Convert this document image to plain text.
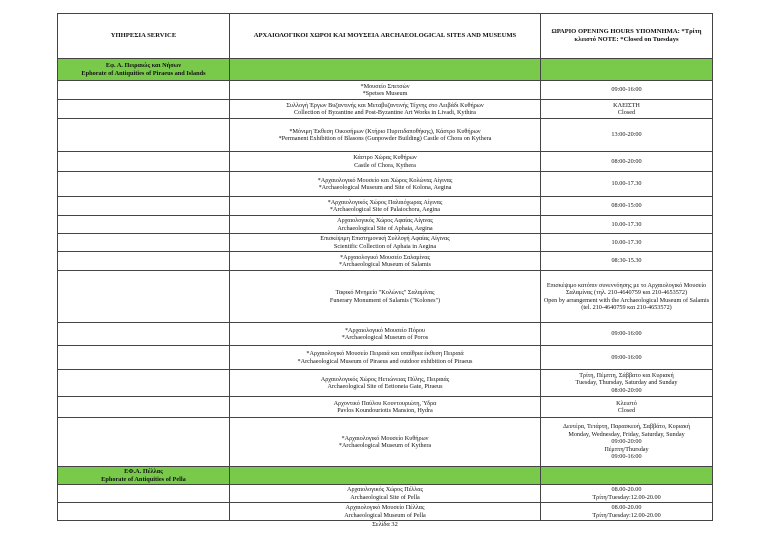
ΥΠΗΡΕΣΙΑ SERVICE	ΑΡΧΑΙΟΛΟΓΙΚΟΙ ΧΩΡΟΙ ΚΑΙ ΜΟΥΣΕΙΑ ARCHAEOLOGICAL SITES AND MUSEUMS	ΩΡΑΡΙΟ OPENING HOURS ΥΠΟΜΝΗΜΑ: *Τρίτη κλειστό NOTE: *Closed on Tuesdays
Εφ. Α. Πειραιώς και Νήσων
Ephorate of Antiquities of Piraeus and Islands		
	*Μουσείο Σπετσών
*Spetses Museum	09:00-16:00
	Συλλογή Έργων Βυζαντινής και Μεταβυζαντινής Τέχνης στο Λειβάδι Κυθήρων
Collection of Byzantine and Post-Byzantine Art Works in Livadi, Kythira	ΚΛΕΙΣΤΗ
Closed
	*Μόνιμη Έκθεση Οικοσήμων (Κτήριο Πυριτιδαποθήκης), Κάστρο Κυθήρων
*Permanent Exhibition of Blasons (Gunpowder Building) Castle of Chora on Kythera	13:00-20:00
	Κάστρο Χώρας Κυθήρων
Castle of Chora, Kythera	08:00-20:00
	*Αρχαιολογικό Μουσείο και Χώρος Κολώνας Αίγινας
*Archaeological Museum and Site of Kolona, Aegina	10.00-17.30
	*Αρχαιολογικός Χώρος Παλαιόχωρας Αίγινας
*Archaeological Site of Palaiochora, Aegina	08:00-15:00
	Αρχαιολογικός Χώρος Αφαίας Αίγινας
Archaeological Site of Aphaia, Aegina	10.00-17.30
	Επισκέψιμη Επιστημονική Συλλογή Αφαίας Αίγινας
Scientific Collection of Aphaia in Aegina	10.00-17.30
	*Αρχαιολογικό Μουσείο Σαλαμίνας
*Archaeological Museum of Salamis	08:30-15.30
	Ταφικό Μνημείο "Κολώνες" Σαλαμίνας
Funerary Monument of Salamis ("Kolones")	Επισκέψιμο κατόπιν συνεννόησης με το Αρχαιολογικό Μουσείο Σαλαμίνας (τηλ. 210-4640759 και 210-4653572)
Open by arrangement with the Archaeological Museum of Salamis (tel. 210-4640759 και 210-4653572)
	*Αρχαιολογικό Μουσείο Πόρου
*Archaeological Museum of Poros	09:00-16:00
	*Αρχαιολογικό Μουσείο Πειραιά και υπαίθρια έκθεση Πειραιά
*Archaeological Museum of Piraeus and outdoor exhibition of Piraeus	09:00-16:00
	Αρχαιολογικός Χώρος Ηετιώνειας Πύλης, Πειραιάς
Archaeological Site of Eetioneia Gate, Piraeus	Τρίτη, Πέμπτη, Σάββατο και Κυριακή
Tuesday, Thursday, Saturday and Sunday
08:00-20:00
	Αρχοντικό Παύλου Κουντουριώτη, Ύδρα
Pavlos Koundouriotis Mansion, Hydra	Κλειστό
Closed
	*Αρχαιολογικό Μουσείο Κυθήρων
*Archaeological Museum of Kythera	Δευτέρα, Τετάρτη, Παρασκευή, Σαββάτο, Κυριακή
Monday, Wednesday, Friday, Saturday, Sunday
09:00-20:00
Πέμπτη/Thursday
09:00-16:00
ΕΦ.Α. Πέλλας
Ephorate of Antiquities of Pella		
	Αρχαιολογικός Χώρος Πέλλας
Archaeological Site of Pella	08.00-20.00
Τρίτη/Tuesday:12.00-20.00
	Αρχαιολογικό Μουσείο Πέλλας
Archaeological Museum of Pella	08.00-20.00
Τρίτη/Tuesday:12.00-20.00
Σελίδα 32
